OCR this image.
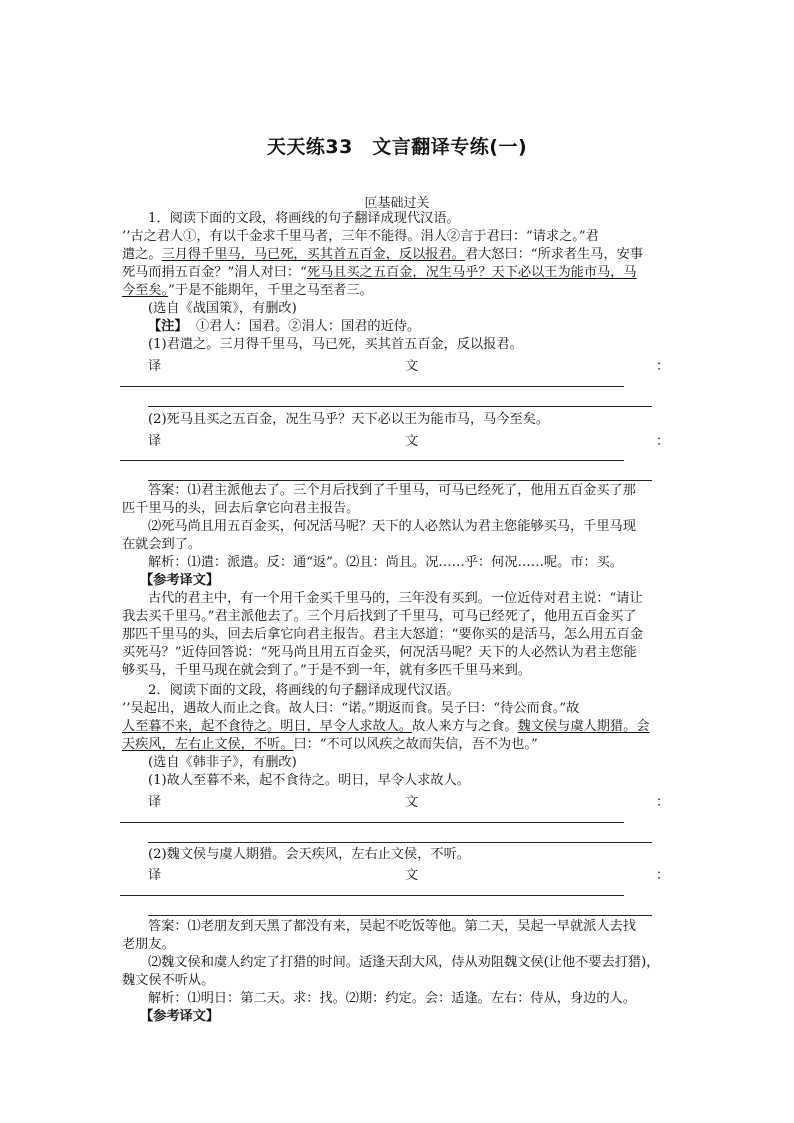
天天练33　文言翻译专练(一)
叵基础过关
1．阅读下面的文段，将画线的句子翻译成现代汉语。
’’古之君人①，有以千金求千里马者，三年不能得。涓人②言于君曰：“请求之。”君
遣之。三月得千里马，马已死，买其首五百金，反以报君。君大怒曰：“所求者生马，安事
死马而捐五百金？”涓人对曰：“死马且买之五百金，况生马乎？天下必以王为能市马，马
今至矣。”于是不能期年，千里之马至者三。
(选自《战国策》，有删改)
【注】 ①君人：国君。②涓人：国君的近侍。
(1)君遣之。三月得千里马，马已死，买其首五百金，反以报君。
译	文	：
(2)死马且买之五百金，况生马乎？天下必以王为能市马，马今至矣。
译	文	：
答案：⑴君主派他去了。三个月后找到了千里马，可马已经死了，他用五百金买了那
匹千里马的头，回去后拿它向君主报告。
⑵死马尚且用五百金买，何况活马呢？天下的人必然认为君主您能够买马，千里马现
在就会到了。
解析：⑴遣：派遣。反：通“返”。⑵且：尚且。况……乎：何况……呢。市：买。
【参考译文】
古代的君主中，有一个用千金买千里马的，三年没有买到。一位近侍对君主说：“请让
我去买千里马。”君主派他去了。三个月后找到了千里马，可马已经死了，他用五百金买了
那匹千里马的头，回去后拿它向君主报告。君主大怒道：“要你买的是活马，怎么用五百金
买死马？”近侍回答说：“死马尚且用五百金买，何况活马呢？天下的人必然认为君主您能
够买马，千里马现在就会到了。”于是不到一年，就有多匹千里马来到。
2．阅读下面的文段，将画线的句子翻译成现代汉语。
’’吴起出，遇故人而止之食。故人曰：“诺。”期返而食。吴子曰：“待公而食。”故
人至暮不来，起不食待之。明日，早令人求故人。故人来方与之食。魏文侯与虞人期猎。会
天疾风，左右止文侯，不听。曰：“不可以风疾之故而失信，吾不为也。”
(选自《韩非子》，有删改)
(1)故人至暮不来，起不食待之。明日，早令人求故人。
译	文	：
(2)魏文侯与虞人期猎。会天疾风，左右止文侯，不听。
译	文	：
答案：⑴老朋友到天黑了都没有来，吴起不吃饭等他。第二天，吴起一早就派人去找
老朋友。
⑵魏文侯和虞人约定了打猎的时间。适逢天刮大风，侍从劝阻魏文侯(让他不要去打猎)，
魏文侯不听从。
解析：⑴明日：第二天。求：找。⑵期：约定。会：适逢。左右：侍从，身边的人。
【参考译文】
